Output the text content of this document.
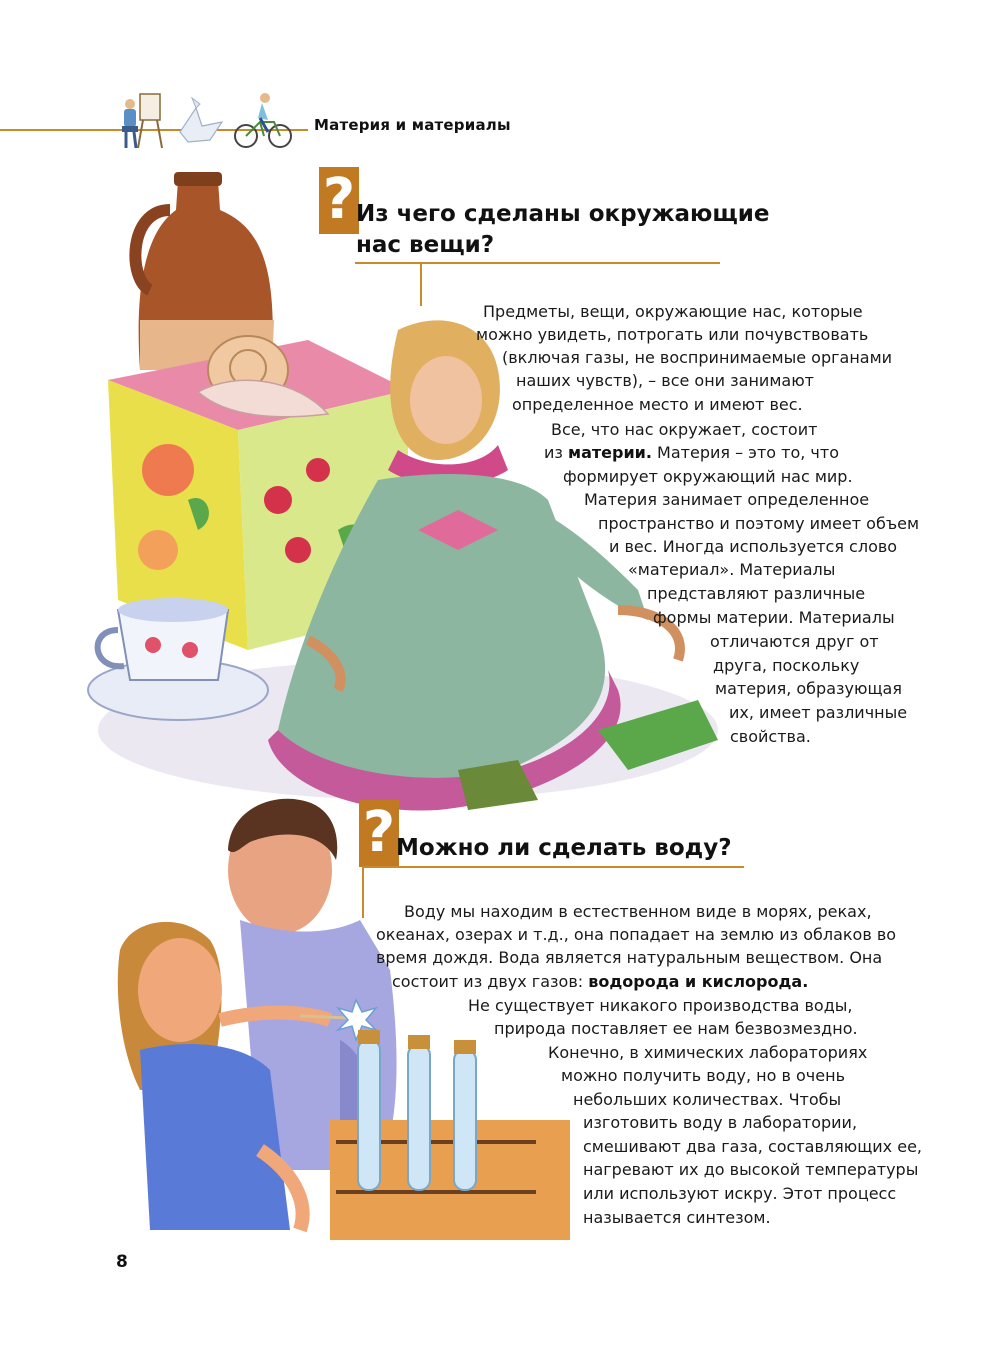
Материя и материалы
? Из чего сделаны окружающие
нас вещи?
Предметы, вещи, окружающие нас, которые
можно увидеть, потрогать или почувствовать
(включая газы, не воспринимаемые органами
наших чувств), – все они занимают
определенное место и имеют вес.
Все, что нас окружает, состоит
из материи. Материя – это то, что
формирует окружающий нас мир.
Материя занимает определенное
пространство и поэтому имеет объем
и вес. Иногда используется слово
«материал». Материалы
представляют различные
формы материи. Материалы
отличаются друг от
друга, поскольку
материя, образующая
их, имеет различные
свойства.
? Можно ли сделать воду?
Воду мы находим в естественном виде в морях, реках,
океанах, озерах и т.д., она попадает на землю из облаков во
время дождя. Вода является натуральным веществом. Она
состоит из двух газов: водорода и кислорода.
Не существует никакого производства воды,
природа поставляет ее нам безвозмездно.
Конечно, в химических лабораториях
можно получить воду, но в очень
небольших количествах. Чтобы
изготовить воду в лаборатории,
смешивают два газа, составляющих ее,
нагревают их до высокой температуры
или используют искру. Этот процесс
называется синтезом.
8
